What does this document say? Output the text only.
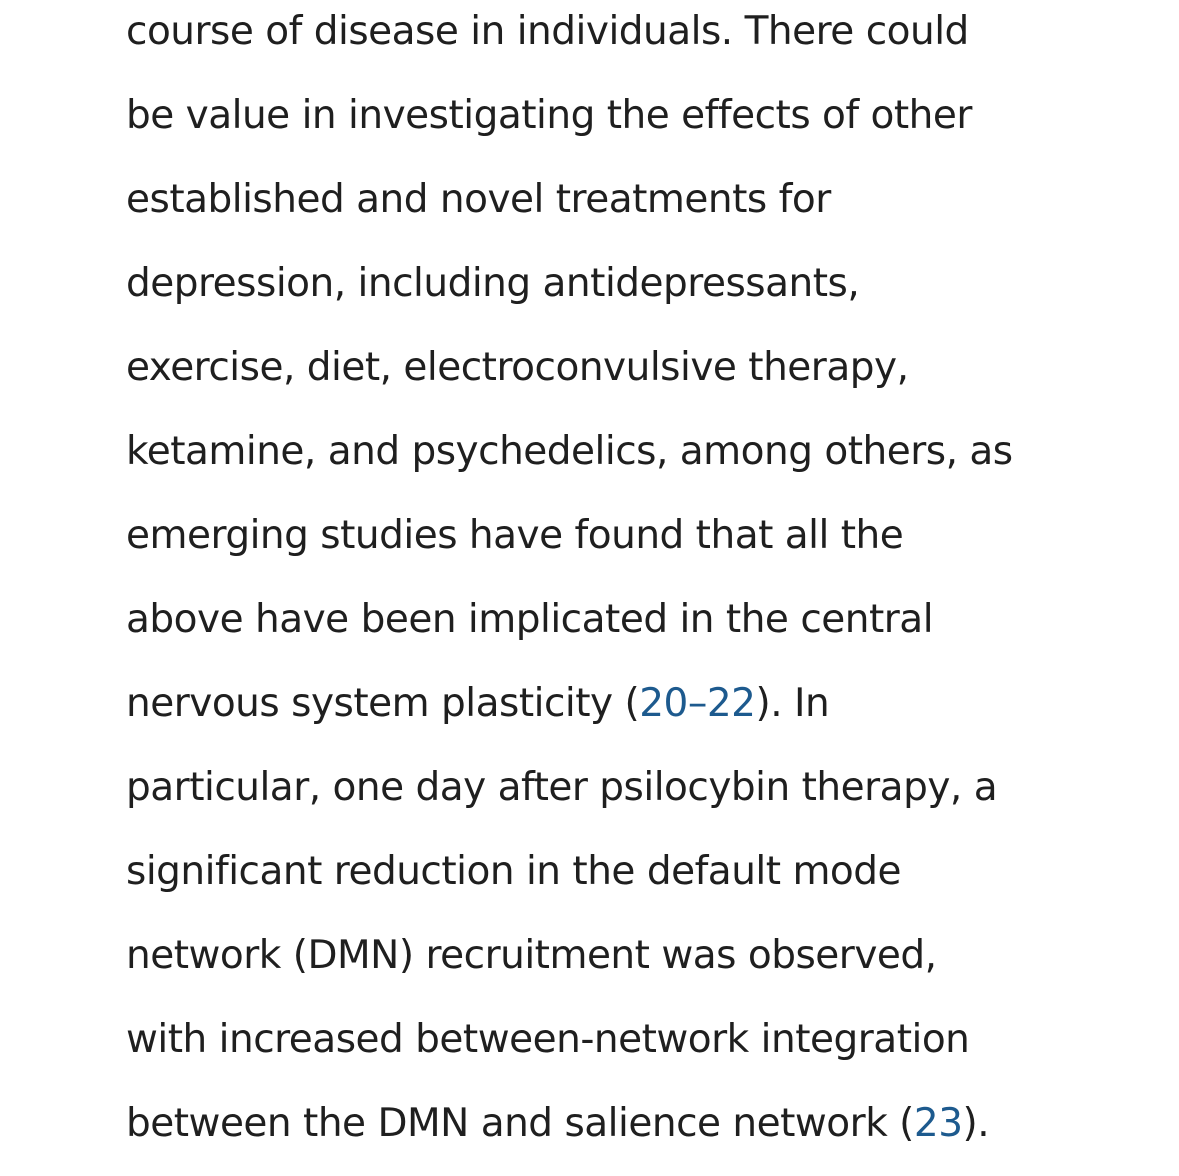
course of disease in individuals. There could

be value in investigating the effects of other

established and novel treatments for

depression, including antidepressants,

exercise, diet, electroconvulsive therapy,

ketamine, and psychedelics, among others, as

emerging studies have found that all the

above have been implicated in the central

nervous system plasticity (20–22). In

particular, one day after psilocybin therapy, a

significant reduction in the default mode

network (DMN) recruitment was observed,

with increased between-network integration

between the DMN and salience network (23).
